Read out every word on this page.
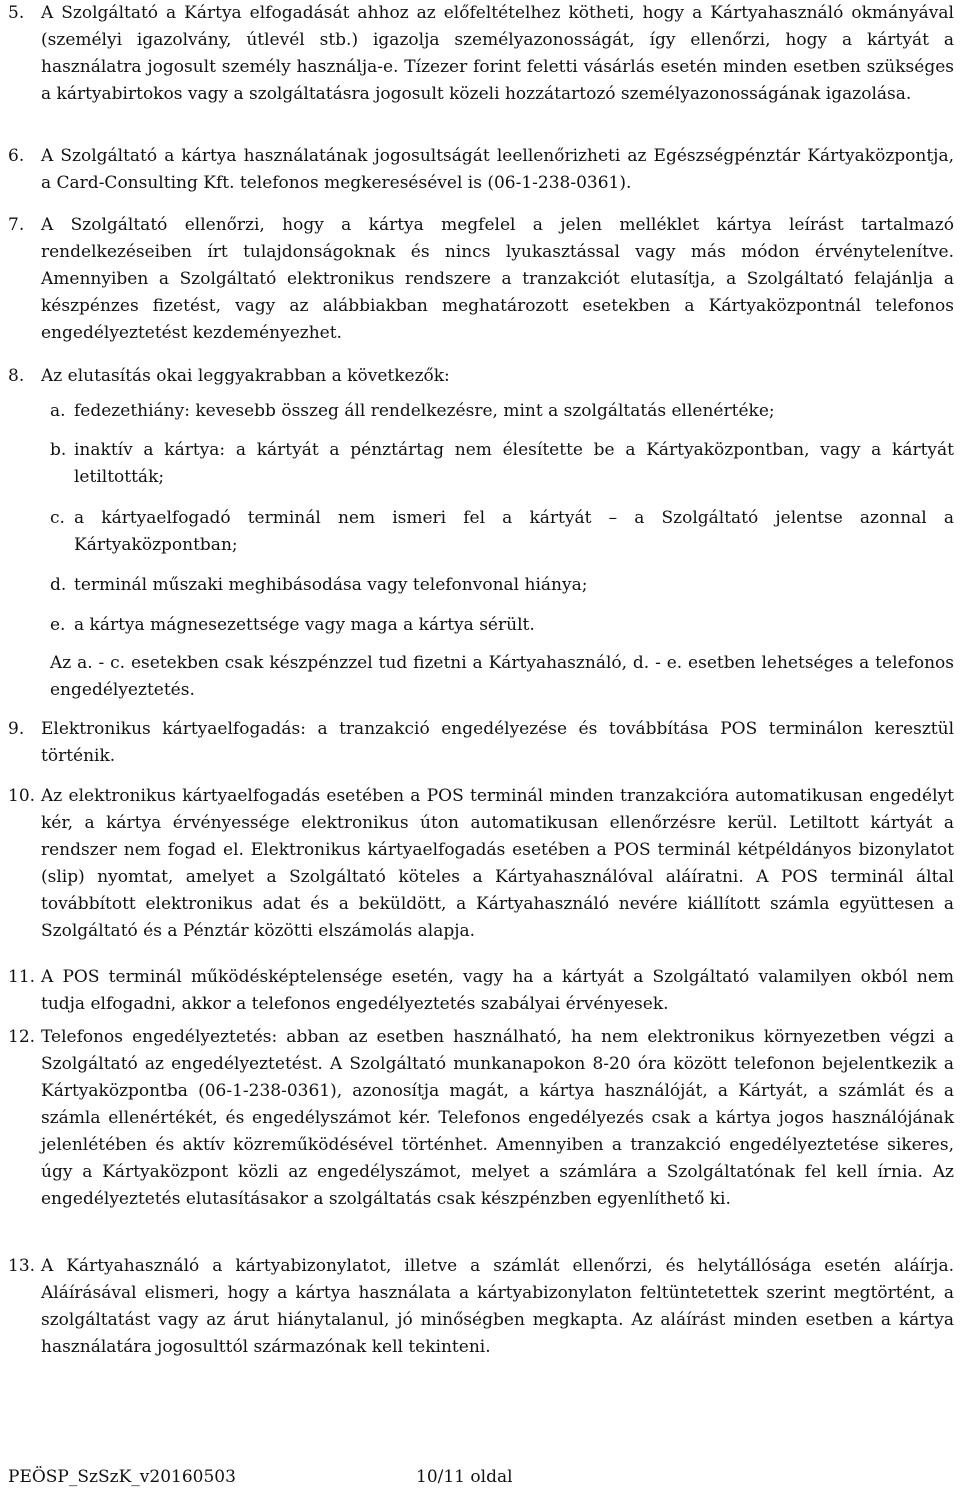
5. A Szolgáltató a Kártya elfogadását ahhoz az előfeltételhez kötheti, hogy a Kártyahasználó okmányával (személyi igazolvány, útlevél stb.) igazolja személyazonosságát, így ellenőrzi, hogy a kártyát a használatra jogosult személy használja-e. Tízezer forint feletti vásárlás esetén minden esetben szükséges a kártyabirtokos vagy a szolgáltatásra jogosult közeli hozzátartozó személyazonosságának igazolása.
6. A Szolgáltató a kártya használatának jogosultságát leellenőrizheti az Egészségpénztár Kártyaközpontja, a Card-Consulting Kft. telefonos megkeresésével is (06-1-238-0361).
7. A Szolgáltató ellenőrzi, hogy a kártya megfelel a jelen melléklet kártya leírást tartalmazó rendelkezéseiben írt tulajdonságoknak és nincs lyukasztással vagy más módon érvénytelenítve. Amennyiben a Szolgáltató elektronikus rendszere a tranzakciót elutasítja, a Szolgáltató felajánlja a készpénzes fizetést, vagy az alábbiakban meghatározott esetekben a Kártyaközpontnál telefonos engedélyeztetést kezdeményezhet.
8. Az elutasítás okai leggyakrabban a következők:
a. fedezethiány: kevesebb összeg áll rendelkezésre, mint a szolgáltatás ellenértéke;
b. inaktív a kártya: a kártyát a pénztártag nem élesítette be a Kártyaközpontban, vagy a kártyát letiltották;
c. a kártyaelfogadó terminál nem ismeri fel a kártyát – a Szolgáltató jelentse azonnal a Kártyaközpontban;
d. terminál műszaki meghibásodása vagy telefonvonal hiánya;
e. a kártya mágnesezettsége vagy maga a kártya sérült.
Az a. - c. esetekben csak készpénzzel tud fizetni a Kártyahasználó, d. - e. esetben lehetséges a telefonos engedélyeztetés.
9. Elektronikus kártyaelfogadás: a tranzakció engedélyezése és továbbítása POS terminálon keresztül történik.
10. Az elektronikus kártyaelfogadás esetében a POS terminál minden tranzakcióra automatikusan engedélyt kér, a kártya érvényessége elektronikus úton automatikusan ellenőrzésre kerül. Letiltott kártyát a rendszer nem fogad el. Elektronikus kártyaelfogadás esetében a POS terminál kétpéldányos bizonylatot (slip) nyomtat, amelyet a Szolgáltató köteles a Kártyahasználóval aláíratni. A POS terminál által továbbított elektronikus adat és a beküldött, a Kártyahasználó nevére kiállított számla együttesen a Szolgáltató és a Pénztár közötti elszámolás alapja.
11. A POS terminál működésképtelensége esetén, vagy ha a kártyát a Szolgáltató valamilyen okból nem tudja elfogadni, akkor a telefonos engedélyeztetés szabályai érvényesek.
12. Telefonos engedélyeztetés: abban az esetben használható, ha nem elektronikus környezetben végzi a Szolgáltató az engedélyeztetést. A Szolgáltató munkanapokon 8-20 óra között telefonon bejelentkezik a Kártyaközpontba (06-1-238-0361), azonosítja magát, a kártya használóját, a Kártyát, a számlát és a számla ellenértékét, és engedélyszámot kér. Telefonos engedélyezés csak a kártya jogos használójának jelenlétében és aktív közreműködésével történhet. Amennyiben a tranzakció engedélyeztetése sikeres, úgy a Kártyaközpont közli az engedélyszámot, melyet a számlára a Szolgáltatónak fel kell írnia. Az engedélyeztetés elutasításakor a szolgáltatás csak készpénzben egyenlíthető ki.
13. A Kártyahasználó a kártyabizonylatot, illetve a számlát ellenőrzi, és helytállósága esetén aláírja. Aláírásával elismeri, hogy a kártya használata a kártyabizonylaton feltüntetettek szerint megtörtént, a szolgáltatást vagy az árut hiánytalanul, jó minőségben megkapta. Az aláírást minden esetben a kártya használatára jogosulttól származónak kell tekinteni.
PEÖSP_SzSzK_v20160503	10/11 oldal
